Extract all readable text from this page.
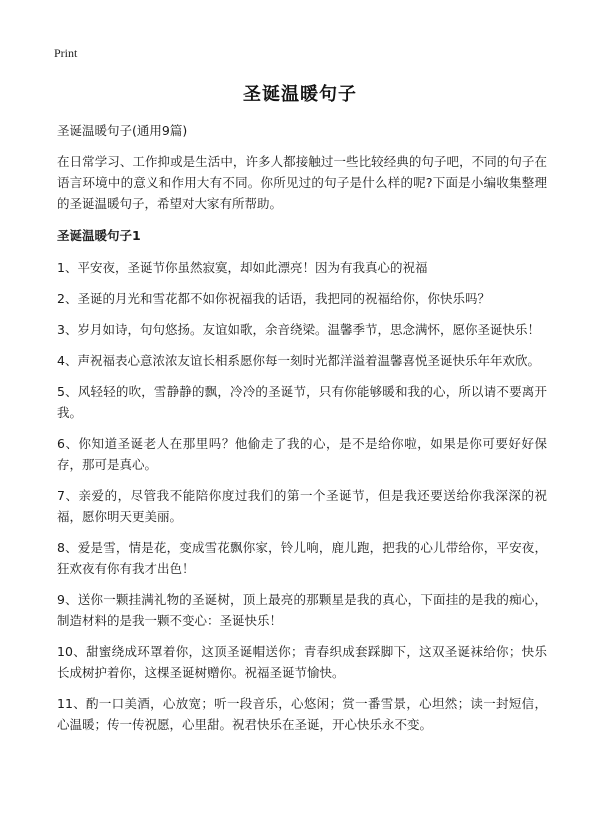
Print
圣诞温暖句子

圣诞温暖句子(通用9篇)

在日常学习、工作抑或是生活中，许多人都接触过一些比较经典的句子吧，不同的句子在语言环境中的意义和作用大有不同。你所见过的句子是什么样的呢?下面是小编收集整理的圣诞温暖句子，希望对大家有所帮助。

圣诞温暖句子1

1、平安夜，圣诞节你虽然寂寞，却如此漂亮！因为有我真心的祝福

2、圣诞的月光和雪花都不如你祝福我的话语，我把同的祝福给你，你快乐吗？

3、岁月如诗，句句悠扬。友谊如歌，余音绕梁。温馨季节，思念满怀，愿你圣诞快乐！

4、声祝福表心意浓浓友谊长相系愿你每一刻时光都洋溢着温馨喜悦圣诞快乐年年欢欣。

5、风轻轻的吹，雪静静的飘，冷冷的圣诞节，只有你能够暖和我的心，所以请不要离开我。

6、你知道圣诞老人在那里吗？他偷走了我的心，是不是给你啦，如果是你可要好好保存，那可是真心。

7、亲爱的，尽管我不能陪你度过我们的第一个圣诞节，但是我还要送给你我深深的祝福，愿你明天更美丽。

8、爱是雪，情是花，变成雪花飘你家，铃儿响，鹿儿跑，把我的心儿带给你，平安夜，狂欢夜有你有我才出色！

9、送你一颗挂满礼物的圣诞树，顶上最亮的那颗星是我的真心，下面挂的是我的痴心，制造材料的是我一颗不变心：圣诞快乐！

10、甜蜜绕成环罩着你，这顶圣诞帽送你；青春织成套踩脚下，这双圣诞袜给你；快乐长成树护着你，这棵圣诞树赠你。祝福圣诞节愉快。

11、酌一口美酒，心放宽；听一段音乐，心悠闲；赏一番雪景，心坦然；读一封短信，心温暖；传一传祝愿，心里甜。祝君快乐在圣诞，开心快乐永不变。
